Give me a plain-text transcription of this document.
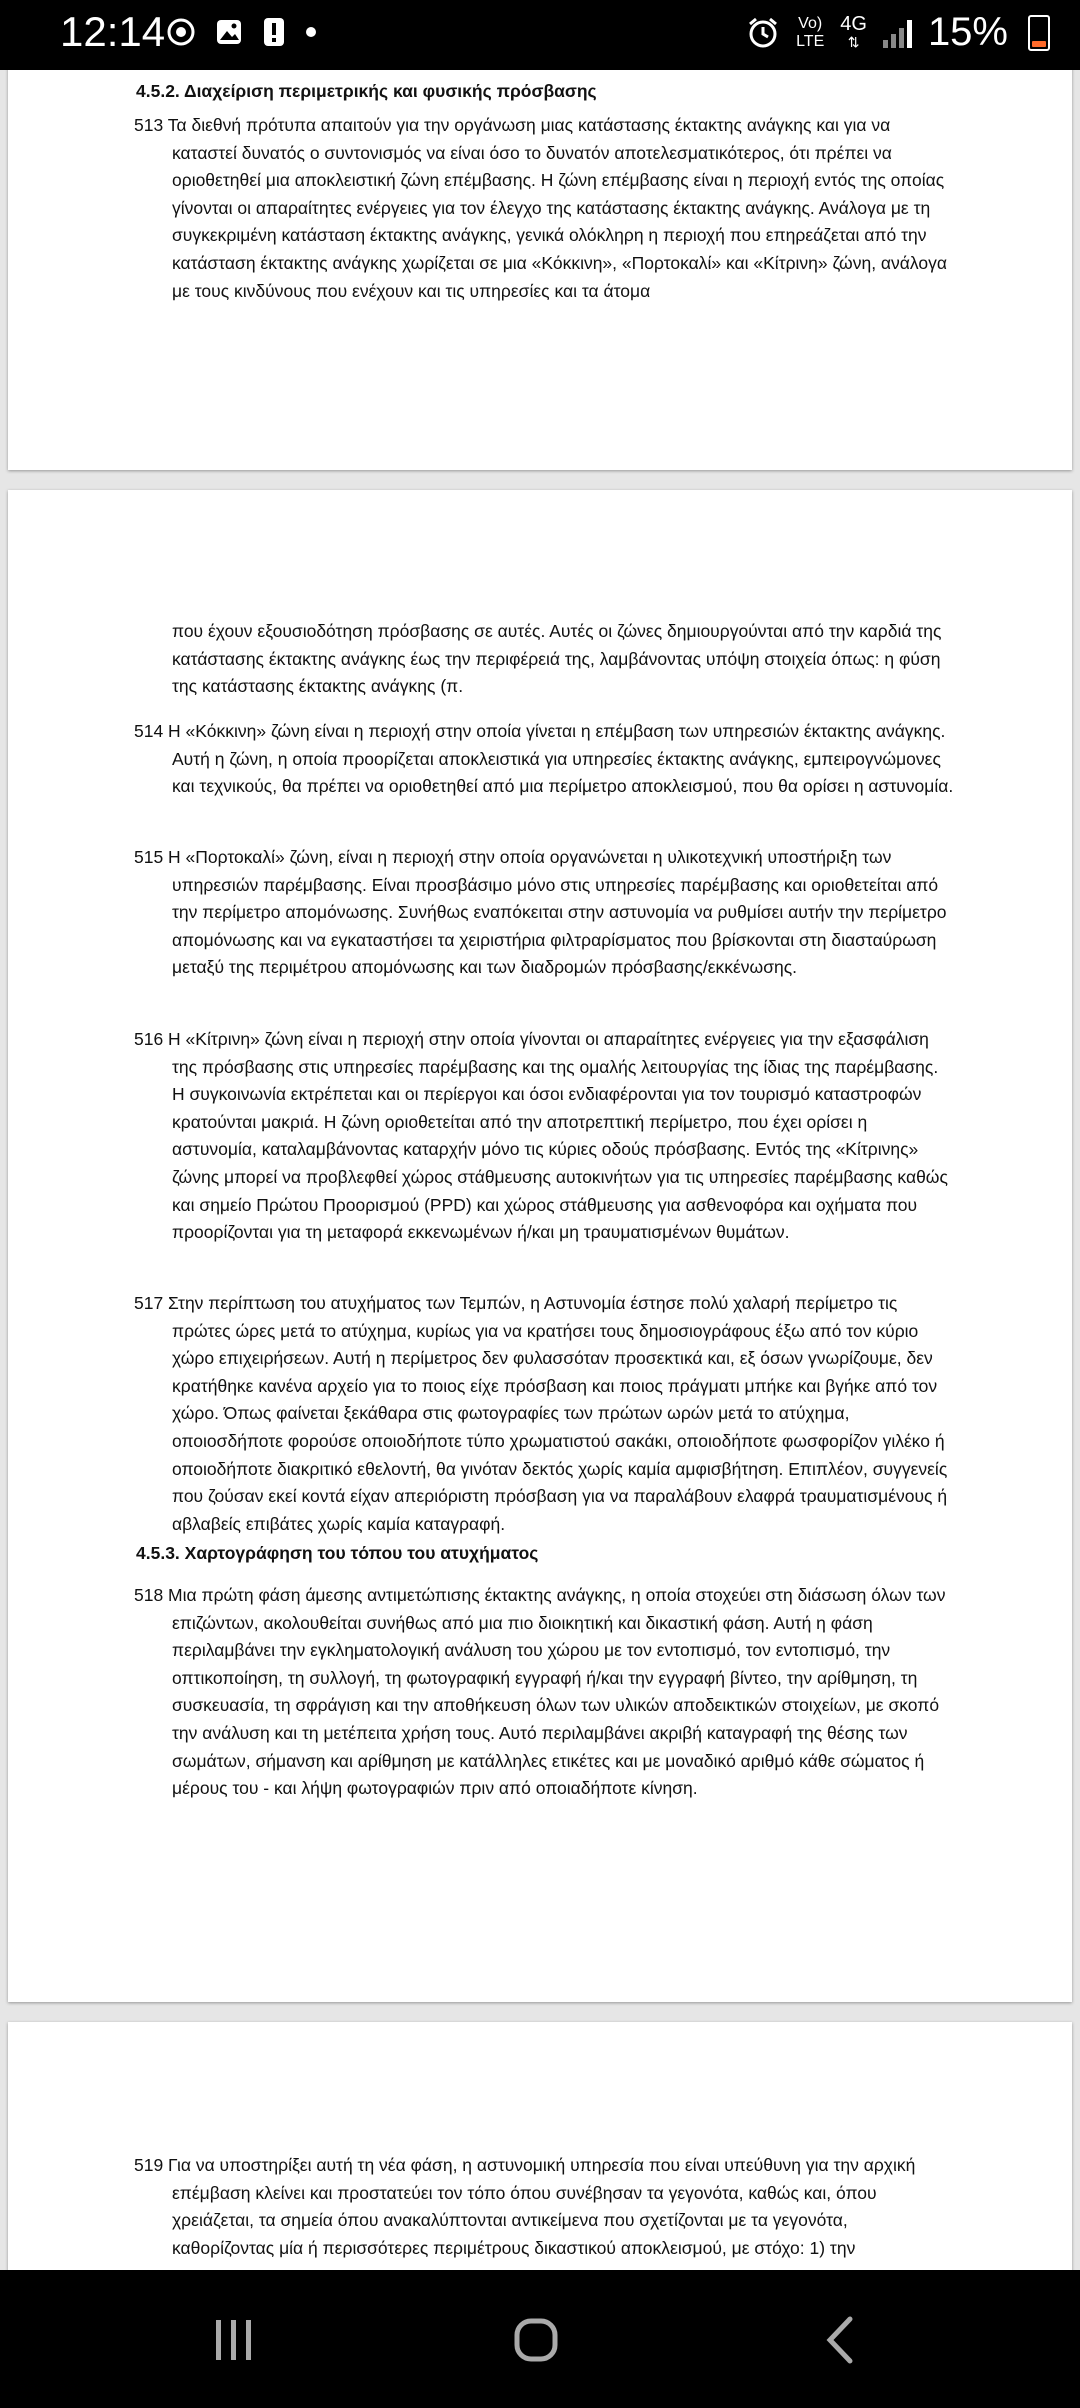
12:14	Vo)
LTE
4G
⇅ 15%
4.5.2. Διαχείριση περιμετρικής και φυσικής πρόσβασης
513 Τα διεθνή πρότυπα απαιτούν για την οργάνωση μιας κατάστασης έκτακτης ανάγκης και για να καταστεί δυνατός ο συντονισμός να είναι όσο το δυνατόν αποτελεσματικότερος, ότι πρέπει να οριοθετηθεί μια αποκλειστική ζώνη επέμβασης. Η ζώνη επέμβασης είναι η περιοχή εντός της οποίας γίνονται οι απαραίτητες ενέργειες για τον έλεγχο της κατάστασης έκτακτης ανάγκης. Ανάλογα με τη συγκεκριμένη κατάσταση έκτακτης ανάγκης, γενικά ολόκληρη η περιοχή που επηρεάζεται από την κατάσταση έκτακτης ανάγκης χωρίζεται σε μια «Κόκκινη», «Πορτοκαλί» και «Κίτρινη» ζώνη, ανάλογα με τους κινδύνους που ενέχουν και τις υπηρεσίες και τα άτομα
που έχουν εξουσιοδότηση πρόσβασης σε αυτές. Αυτές οι ζώνες δημιουργούνται από την καρδιά της κατάστασης έκτακτης ανάγκης έως την περιφέρειά της, λαμβάνοντας υπόψη στοιχεία όπως: η φύση της κατάστασης έκτακτης ανάγκης (π.
514 Η «Κόκκινη» ζώνη είναι η περιοχή στην οποία γίνεται η επέμβαση των υπηρεσιών έκτακτης ανάγκης. Αυτή η ζώνη, η οποία προορίζεται αποκλειστικά για υπηρεσίες έκτακτης ανάγκης, εμπειρογνώμονες και τεχνικούς, θα πρέπει να οριοθετηθεί από μια περίμετρο αποκλεισμού, που θα ορίσει η αστυνομία.
515 Η «Πορτοκαλί» ζώνη, είναι η περιοχή στην οποία οργανώνεται η υλικοτεχνική υποστήριξη των υπηρεσιών παρέμβασης. Είναι προσβάσιμο μόνο στις υπηρεσίες παρέμβασης και οριοθετείται από την περίμετρο απομόνωσης. Συνήθως εναπόκειται στην αστυνομία να ρυθμίσει αυτήν την περίμετρο απομόνωσης και να εγκαταστήσει τα χειριστήρια φιλτραρίσματος που βρίσκονται στη διασταύρωση μεταξύ της περιμέτρου απομόνωσης και των διαδρομών πρόσβασης/εκκένωσης.
516 Η «Κίτρινη» ζώνη είναι η περιοχή στην οποία γίνονται οι απαραίτητες ενέργειες για την εξασφάλιση της πρόσβασης στις υπηρεσίες παρέμβασης και της ομαλής λειτουργίας της ίδιας της παρέμβασης. Η συγκοινωνία εκτρέπεται και οι περίεργοι και όσοι ενδιαφέρονται για τον τουρισμό καταστροφών κρατούνται μακριά. Η ζώνη οριοθετείται από την αποτρεπτική περίμετρο, που έχει ορίσει η αστυνομία, καταλαμβάνοντας καταρχήν μόνο τις κύριες οδούς πρόσβασης. Εντός της «Κίτρινης» ζώνης μπορεί να προβλεφθεί χώρος στάθμευσης αυτοκινήτων για τις υπηρεσίες παρέμβασης καθώς και σημείο Πρώτου Προορισμού (PPD) και χώρος στάθμευσης για ασθενοφόρα και οχήματα που προορίζονται για τη μεταφορά εκκενωμένων ή/και μη τραυματισμένων θυμάτων.
517 Στην περίπτωση του ατυχήματος των Τεμπών, η Αστυνομία έστησε πολύ χαλαρή περίμετρο τις πρώτες ώρες μετά το ατύχημα, κυρίως για να κρατήσει τους δημοσιογράφους έξω από τον κύριο χώρο επιχειρήσεων. Αυτή η περίμετρος δεν φυλασσόταν προσεκτικά και, εξ όσων γνωρίζουμε, δεν κρατήθηκε κανένα αρχείο για το ποιος είχε πρόσβαση και ποιος πράγματι μπήκε και βγήκε από τον χώρο. Όπως φαίνεται ξεκάθαρα στις φωτογραφίες των πρώτων ωρών μετά το ατύχημα, οποιοσδήποτε φορούσε οποιοδήποτε τύπο χρωματιστού σακάκι, οποιοδήποτε φωσφορίζον γιλέκο ή οποιοδήποτε διακριτικό εθελοντή, θα γινόταν δεκτός χωρίς καμία αμφισβήτηση. Επιπλέον, συγγενείς που ζούσαν εκεί κοντά είχαν απεριόριστη πρόσβαση για να παραλάβουν ελαφρά τραυματισμένους ή αβλαβείς επιβάτες χωρίς καμία καταγραφή.
4.5.3. Χαρτογράφηση του τόπου του ατυχήματος
518 Μια πρώτη φάση άμεσης αντιμετώπισης έκτακτης ανάγκης, η οποία στοχεύει στη διάσωση όλων των επιζώντων, ακολουθείται συνήθως από μια πιο διοικητική και δικαστική φάση. Αυτή η φάση περιλαμβάνει την εγκληματολογική ανάλυση του χώρου με τον εντοπισμό, τον εντοπισμό, την οπτικοποίηση, τη συλλογή, τη φωτογραφική εγγραφή ή/και την εγγραφή βίντεο, την αρίθμηση, τη συσκευασία, τη σφράγιση και την αποθήκευση όλων των υλικών αποδεικτικών στοιχείων, με σκοπό την ανάλυση και τη μετέπειτα χρήση τους. Αυτό περιλαμβάνει ακριβή καταγραφή της θέσης των σωμάτων, σήμανση και αρίθμηση με κατάλληλες ετικέτες και με μοναδικό αριθμό κάθε σώματος ή μέρους του - και λήψη φωτογραφιών πριν από οποιαδήποτε κίνηση.
519 Για να υποστηρίξει αυτή τη νέα φάση, η αστυνομική υπηρεσία που είναι υπεύθυνη για την αρχική επέμβαση κλείνει και προστατεύει τον τόπο όπου συνέβησαν τα γεγονότα, καθώς και, όπου χρειάζεται, τα σημεία όπου ανακαλύπτονται αντικείμενα που σχετίζονται με τα γεγονότα, καθορίζοντας μία ή περισσότερες περιμέτρους δικαστικού αποκλεισμού, με στόχο: 1) την
